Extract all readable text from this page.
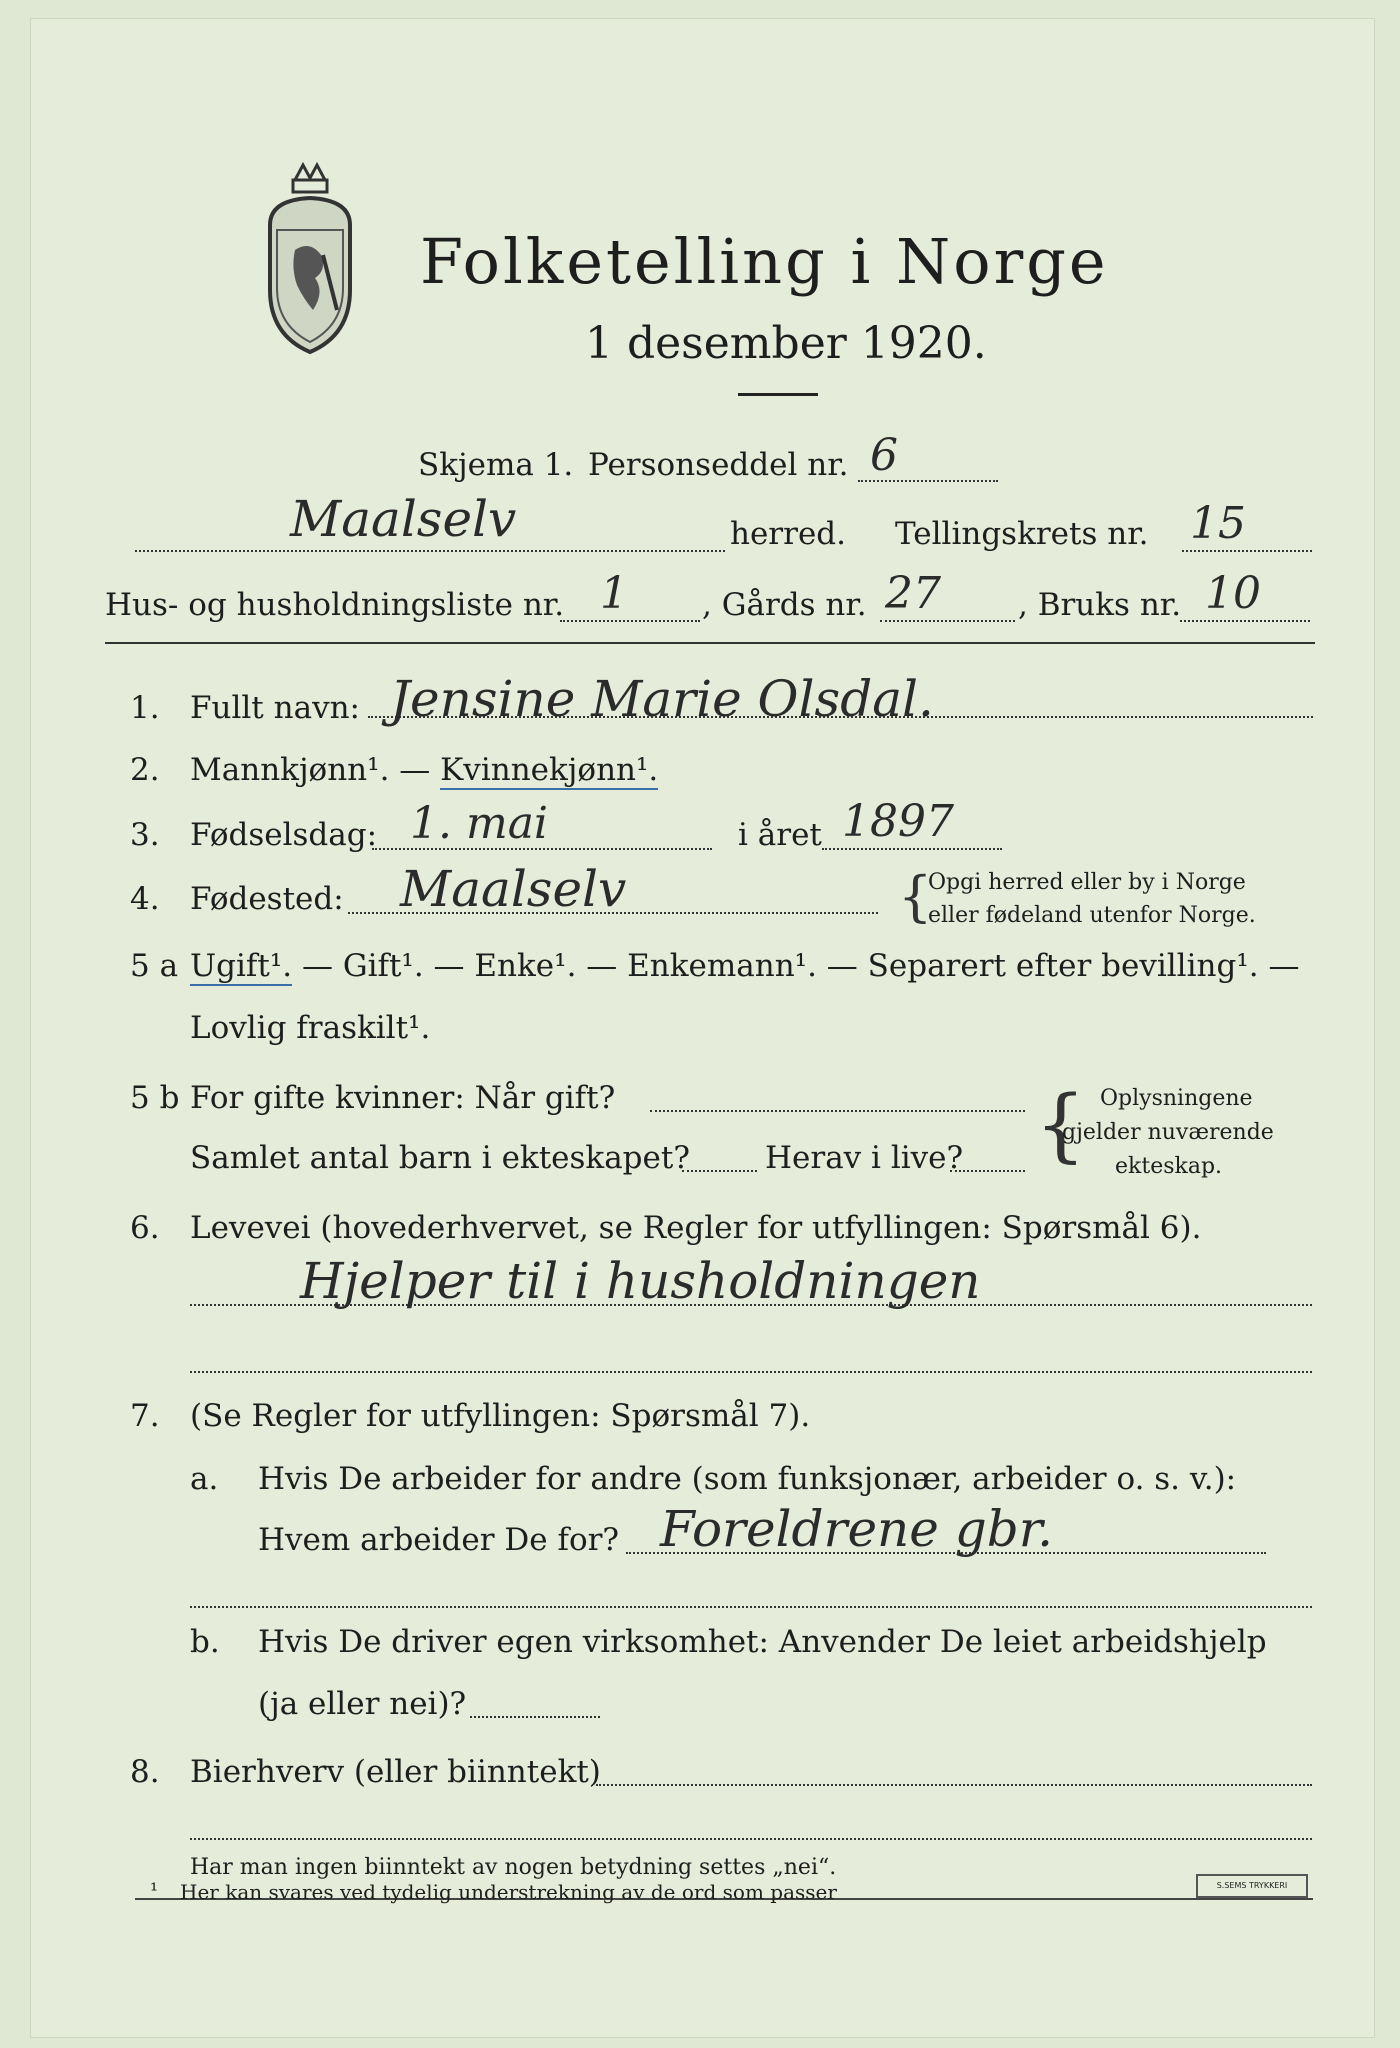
Folketelling i Norge
1 desember 1920.
Skjema 1. Personseddel nr. 6
Maalselv	herred. Tellingskrets nr. 15
Hus- og husholdningsliste nr. 1 , Gårds nr. 27 , Bruks nr. 10
1. Fullt navn: Jensine Marie Olsdal.
2. Mannkjønn¹. — Kvinnekjønn¹.
3. Fødselsdag: 1. mai	i året 1897
4. Fødested: Maalselv	{
Opgi herred eller by i Norge
eller fødeland utenfor Norge.
5 a Ugift¹. — Gift¹. — Enke¹. — Enkemann¹. — Separert efter bevilling¹. —
Lovlig fraskilt¹.
5 b For gifte kvinner: Når gift?
Samlet antal barn i ekteskapet? Herav i live? { Oplysningene
gjelder nuværende
ekteskap.
6. Levevei (hovederhvervet, se Regler for utfyllingen: Spørsmål 6).
Hjelper til i husholdningen
7. (Se Regler for utfyllingen: Spørsmål 7).
a. Hvis De arbeider for andre (som funksjonær, arbeider o. s. v.):
Hvem arbeider De for? Foreldrene gbr.
b. Hvis De driver egen virksomhet: Anvender De leiet arbeidshjelp
(ja eller nei)?
8. Bierhverv (eller biinntekt)
Har man ingen biinntekt av nogen betydning settes „nei“.
¹ Her kan svares ved tydelig understrekning av de ord som passer	S.SEMS TRYKKERI
